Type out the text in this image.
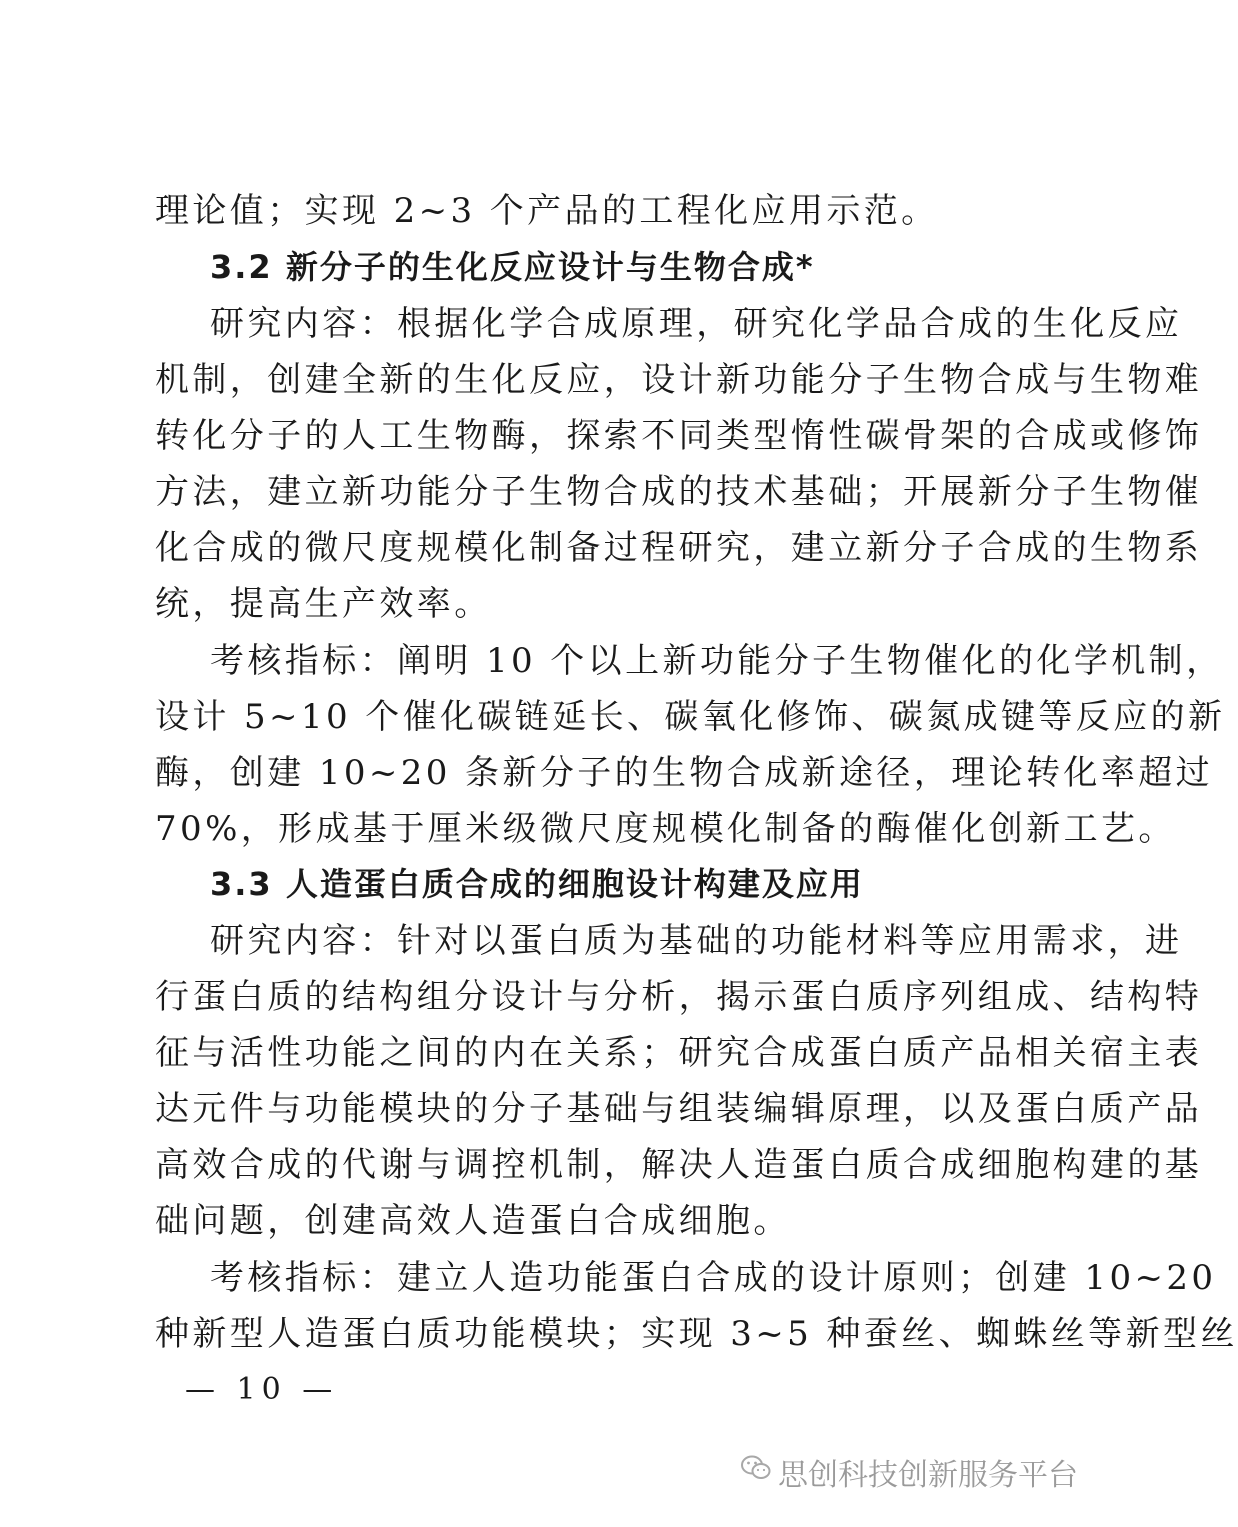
理论值；实现 2~3 个产品的工程化应用示范。
3.2 新分子的生化反应设计与生物合成*
研究内容：根据化学合成原理，研究化学品合成的生化反应
机制，创建全新的生化反应，设计新功能分子生物合成与生物难
转化分子的人工生物酶，探索不同类型惰性碳骨架的合成或修饰
方法，建立新功能分子生物合成的技术基础；开展新分子生物催
化合成的微尺度规模化制备过程研究，建立新分子合成的生物系
统，提高生产效率。
考核指标：阐明 10 个以上新功能分子生物催化的化学机制，
设计 5~10 个催化碳链延长、碳氧化修饰、碳氮成键等反应的新
酶，创建 10~20 条新分子的生物合成新途径，理论转化率超过
70%，形成基于厘米级微尺度规模化制备的酶催化创新工艺。
3.3 人造蛋白质合成的细胞设计构建及应用
研究内容：针对以蛋白质为基础的功能材料等应用需求，进
行蛋白质的结构组分设计与分析，揭示蛋白质序列组成、结构特
征与活性功能之间的内在关系；研究合成蛋白质产品相关宿主表
达元件与功能模块的分子基础与组装编辑原理，以及蛋白质产品
高效合成的代谢与调控机制，解决人造蛋白质合成细胞构建的基
础问题，创建高效人造蛋白合成细胞。
考核指标：建立人造功能蛋白合成的设计原则；创建 10~20
种新型人造蛋白质功能模块；实现 3~5 种蚕丝、蜘蛛丝等新型丝
— 10 —
思创科技创新服务平台
